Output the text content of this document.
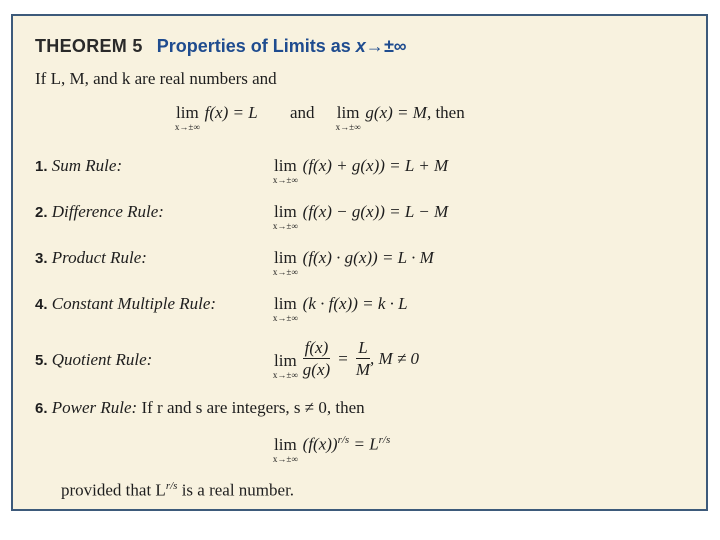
THEOREM 5 Properties of Limits as x→±∞
If L, M, and k are real numbers and
lim
x→±∞
f(x) = L and lim
x→±∞
g(x) = M, then
1. Sum Rule:	lim
x→±∞
(f(x) + g(x)) = L + M
2. Difference Rule:	lim
x→±∞
(f(x) − g(x)) = L − M
3. Product Rule:	lim
x→±∞
(f(x) · g(x)) = L · M
4. Constant Multiple Rule:	lim
x→±∞
(k · f(x)) = k · L
5. Quotient Rule:	lim
$x\to\pm\infty \frac{f(x)}{g(x)} = \frac{L}{M}$ , M ≠ 0
6. Power Rule: If r and s are integers, s ≠ 0, then
lim
x→±∞
$(f(x))^{r/s} = L^{r/s}$
provided that $L^{r/s}$ is a real number.
